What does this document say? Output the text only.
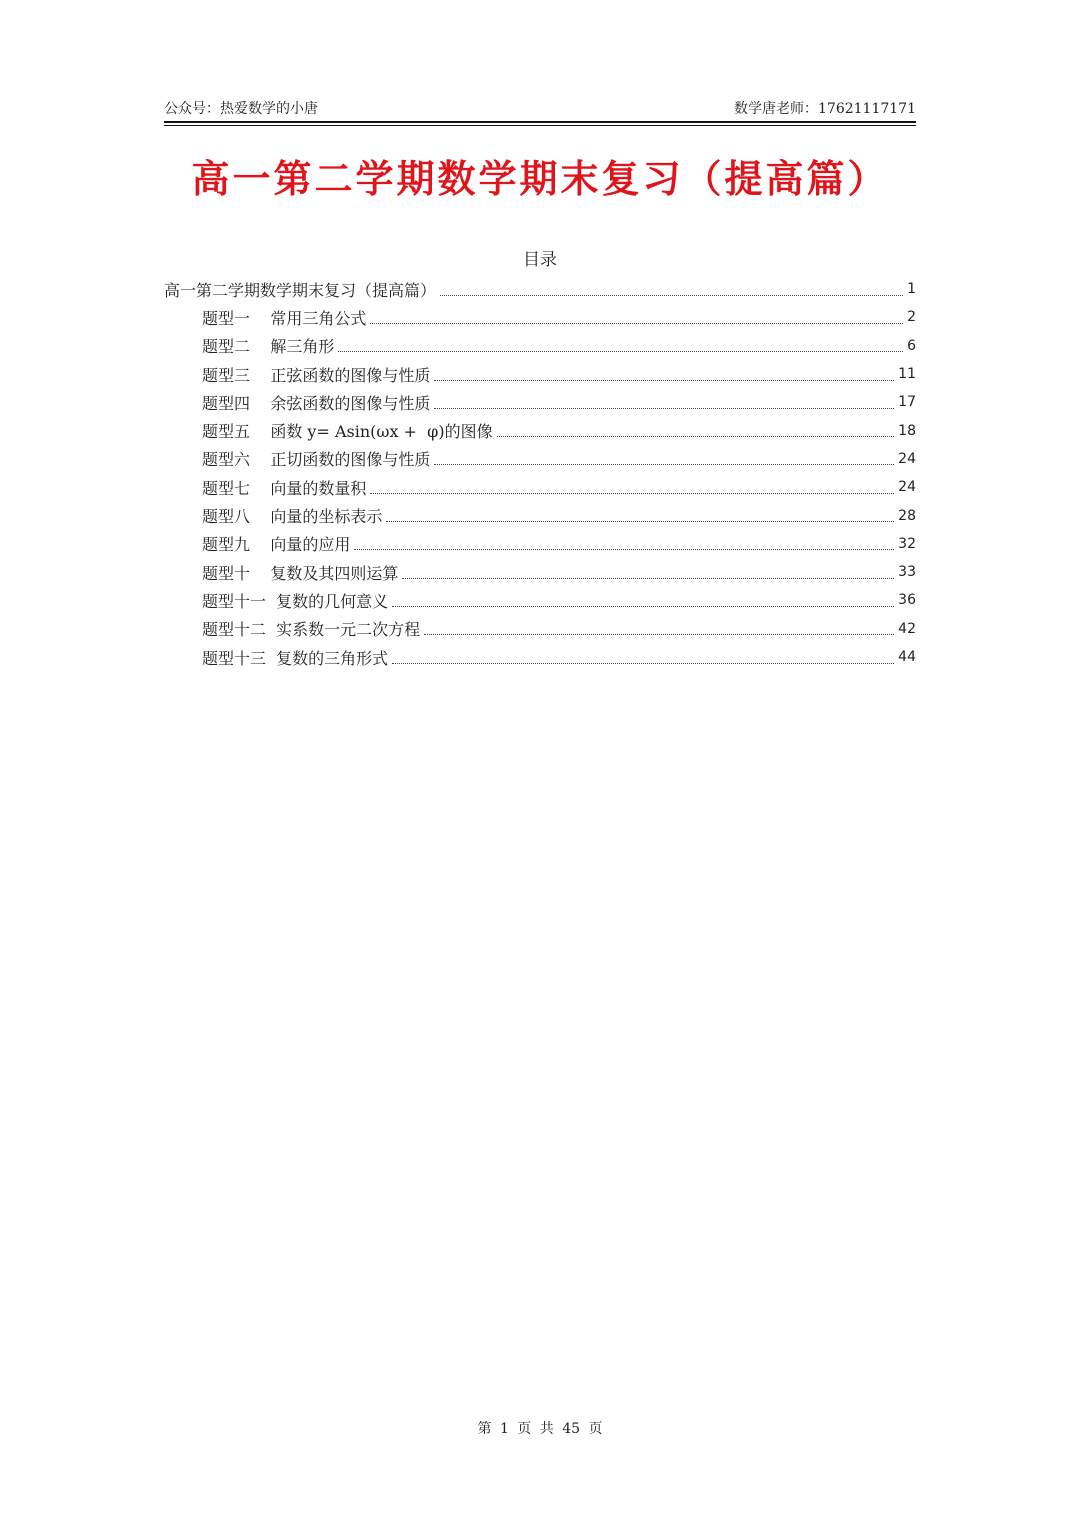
公众号：热爱数学的小唐	数学唐老师：17621117171
高一第二学期数学期末复习（提高篇）
目录
高一第二学期数学期末复习（提高篇）	1
题型一    常用三角公式	2
题型二    解三角形	6
题型三    正弦函数的图像与性质	11
题型四    余弦函数的图像与性质	17
题型五    函数 y= Asin(ωx +  φ)的图像	18
题型六    正切函数的图像与性质	24
题型七    向量的数量积	24
题型八    向量的坐标表示	28
题型九    向量的应用	32
题型十    复数及其四则运算	33
题型十一  复数的几何意义	36
题型十二  实系数一元二次方程	42
题型十三  复数的三角形式	44
第 1 页 共 45 页
